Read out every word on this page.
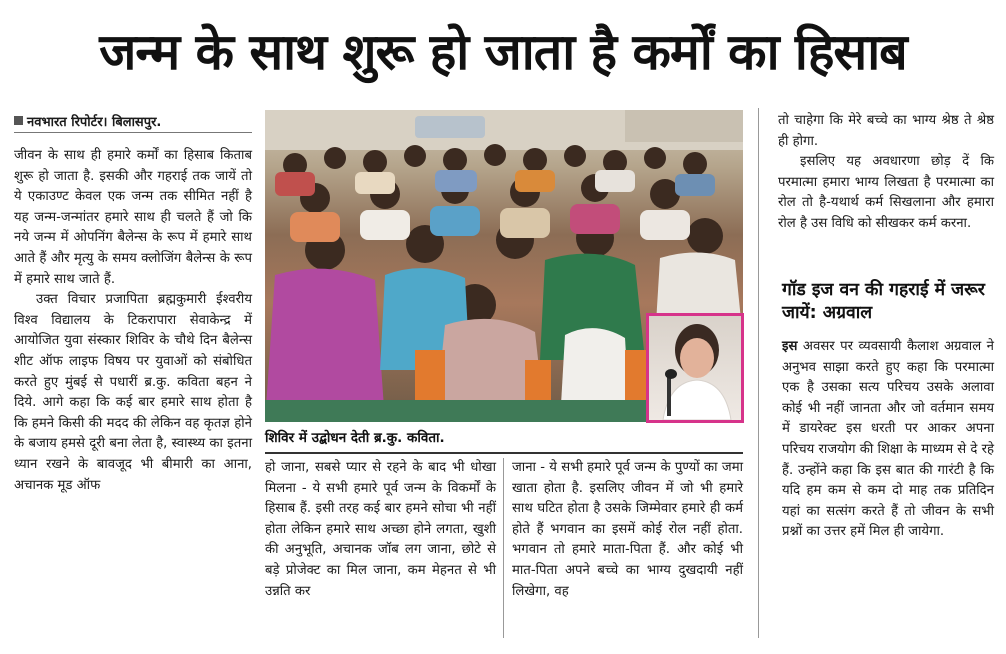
जन्म के साथ शुरू हो जाता है कर्मों का हिसाब

नवभारत रिपोर्टर। बिलासपुर.

जीवन के साथ ही हमारे कर्मों का हिसाब किताब शुरू हो जाता है. इसकी और गहराई तक जायें तो ये एकाउण्ट केवल एक जन्म तक सीमित नहीं है यह जन्म-जन्मांतर हमारे साथ ही चलते हैं जो कि नये जन्म में ओपनिंग बैलेन्स के रूप में हमारे साथ आते हैं और मृत्यु के समय क्लोजिंग बैलेन्स के रूप में हमारे साथ जाते हैं.

उक्त विचार प्रजापिता ब्रह्मकुमारी ईश्वरीय विश्व विद्यालय के टिकरापारा सेवाकेन्द्र में आयोजित युवा संस्कार शिविर के चौथे दिन बैलेन्स शीट ऑफ लाइफ विषय पर युवाओं को संबोधित करते हुए मुंबई से पधारीं ब्र.कु. कविता बहन ने दिये. आगे कहा कि कई बार हमारे साथ होता है कि हमने किसी की मदद की लेकिन वह कृतज्ञ होने के बजाय हमसे दूरी बना लेता है, स्वास्थ्य का इतना ध्यान रखने के बावजूद भी बीमारी का आना, अचानक मूड ऑफ

शिविर में उद्बोधन देती ब्र.कु. कविता.

हो जाना, सबसे प्यार से रहने के बाद भी धोखा मिलना - ये सभी हमारे पूर्व जन्म के विकर्मों के हिसाब हैं. इसी तरह कई बार हमने सोचा भी नहीं होता लेकिन हमारे साथ अच्छा होने लगता, खुशी की अनुभूति, अचानक जॉब लग जाना, छोटे से बड़े प्रोजेक्ट का मिल जाना, कम मेहनत से भी उन्नति कर

जाना - ये सभी हमारे पूर्व जन्म के पुण्यों का जमा खाता होता है. इसलिए जीवन में जो भी हमारे साथ घटित होता है उसके जिम्मेवार हमारे ही कर्म होते हैं भगवान का इसमें कोई रोल नहीं होता. भगवान तो हमारे माता-पिता हैं. और कोई भी मात-पिता अपने बच्चे का भाग्य दुखदायी नहीं लिखेगा, वह

तो चाहेगा कि मेरे बच्चे का भाग्य श्रेष्ठ ते श्रेष्ठ ही होगा.

इसलिए यह अवधारणा छोड़ दें कि परमात्मा हमारा भाग्य लिखता है परमात्मा का रोल तो है-यथार्थ कर्म सिखलाना और हमारा रोल है उस विधि को सीखकर कर्म करना.

गॉड इज वन की गहराई में जरूर जायें: अग्रवाल

इस अवसर पर व्यवसायी कैलाश अग्रवाल ने अनुभव साझा करते हुए कहा कि परमात्मा एक है उसका सत्य परिचय उसके अलावा कोई भी नहीं जानता और जो वर्तमान समय में डायरेक्ट इस धरती पर आकर अपना परिचय राजयोग की शिक्षा के माध्यम से दे रहे हैं. उन्होंने कहा कि इस बात की गारंटी है कि यदि हम कम से कम दो माह तक प्रतिदिन यहां का सत्संग करते हैं तो जीवन के सभी प्रश्नों का उत्तर हमें मिल ही जायेगा.
